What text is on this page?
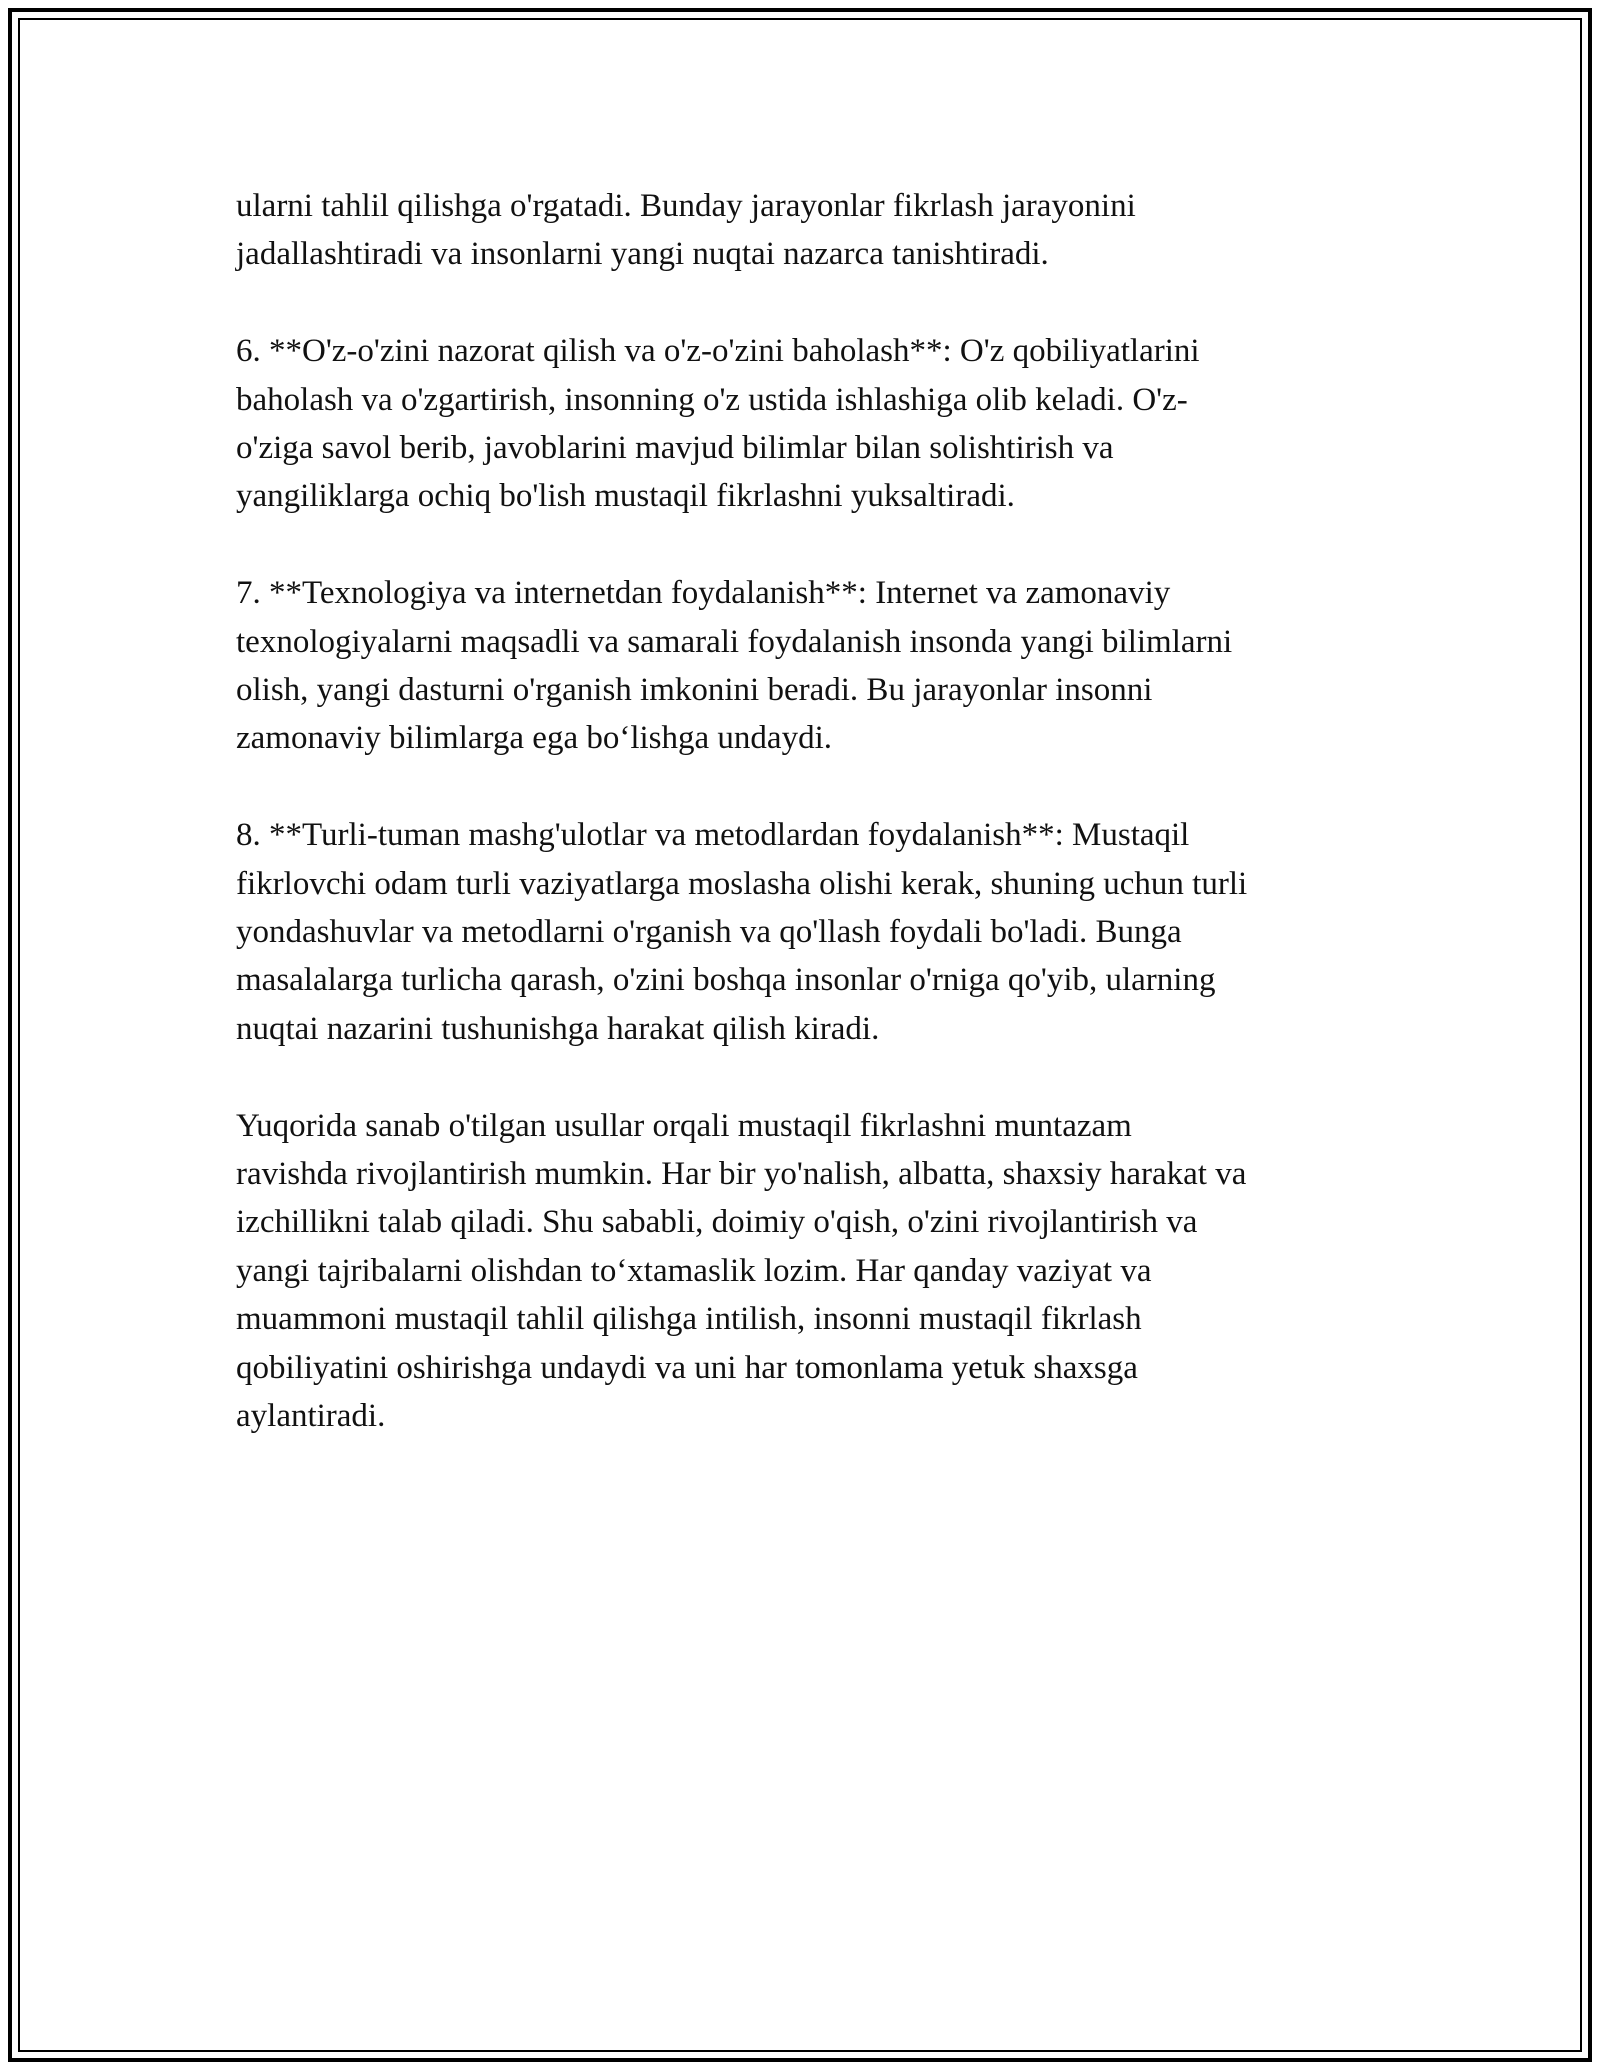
ularni tahlil qilishga o'rgatadi. Bunday jarayonlar fikrlash jarayonini
jadallashtiradi va insonlarni yangi nuqtai nazarca tanishtiradi.

6. **O'z-o'zini nazorat qilish va o'z-o'zini baholash**: O'z qobiliyatlarini
baholash va o'zgartirish, insonning o'z ustida ishlashiga olib keladi. O'z-
o'ziga savol berib, javoblarini mavjud bilimlar bilan solishtirish va
yangiliklarga ochiq bo'lish mustaqil fikrlashni yuksaltiradi.

7. **Texnologiya va internetdan foydalanish**: Internet va zamonaviy
texnologiyalarni maqsadli va samarali foydalanish insonda yangi bilimlarni
olish, yangi dasturni o'rganish imkonini beradi. Bu jarayonlar insonni
zamonaviy bilimlarga ega bo‘lishga undaydi.

8. **Turli-tuman mashg'ulotlar va metodlardan foydalanish**: Mustaqil
fikrlovchi odam turli vaziyatlarga moslasha olishi kerak, shuning uchun turli
yondashuvlar va metodlarni o'rganish va qo'llash foydali bo'ladi. Bunga
masalalarga turlicha qarash, o'zini boshqa insonlar o'rniga qo'yib, ularning
nuqtai nazarini tushunishga harakat qilish kiradi.

Yuqorida sanab o'tilgan usullar orqali mustaqil fikrlashni muntazam
ravishda rivojlantirish mumkin. Har bir yo'nalish, albatta, shaxsiy harakat va
izchillikni talab qiladi. Shu sababli, doimiy o'qish, o'zini rivojlantirish va
yangi tajribalarni olishdan to‘xtamaslik lozim. Har qanday vaziyat va
muammoni mustaqil tahlil qilishga intilish, insonni mustaqil fikrlash
qobiliyatini oshirishga undaydi va uni har tomonlama yetuk shaxsga
aylantiradi.
